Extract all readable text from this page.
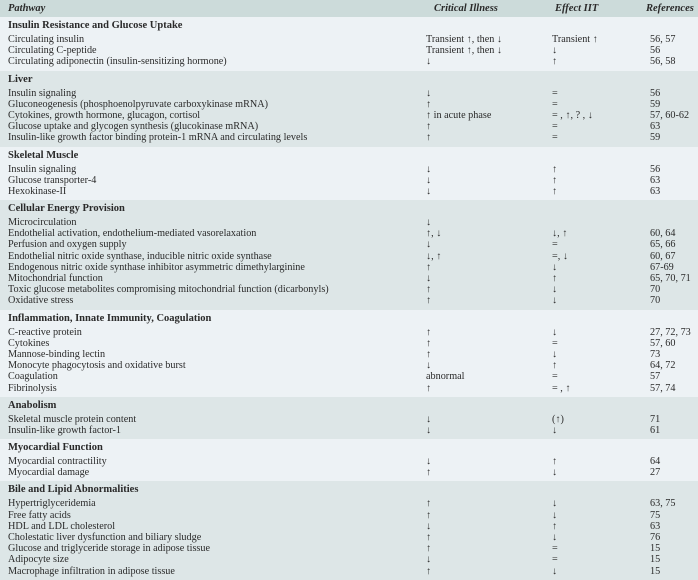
Pathway	Critical Illness	Effect IIT	References
Insulin Resistance and Glucose Uptake
Circulating insulin	Transient ↑, then ↓	Transient ↑	56, 57
Circulating C-peptide	Transient ↑, then ↓	↓	56
Circulating adiponectin (insulin-sensitizing hormone)	↓	↑	56, 58
Liver
Insulin signaling	↓	=	56
Gluconeogenesis (phosphoenolpyruvate carboxykinase mRNA)	↑	=	59
Cytokines, growth hormone, glucagon, cortisol	↑ in acute phase	= , ↑, ? , ↓	57, 60-62
Glucose uptake and glycogen synthesis (glucokinase mRNA)	↑	=	63
Insulin-like growth factor binding protein-1 mRNA and circulating levels	↑	=	59
Skeletal Muscle
Insulin signaling	↓	↑	56
Glucose transporter-4	↓	↑	63
Hexokinase-II	↓	↑	63
Cellular Energy Provision
Microcirculation	↓
Endothelial activation, endothelium-mediated vasorelaxation	↑, ↓	↓, ↑	60, 64
Perfusion and oxygen supply	↓	=	65, 66
Endothelial nitric oxide synthase, inducible nitric oxide synthase	↓, ↑	=, ↓	60, 67
Endogenous nitric oxide synthase inhibitor asymmetric dimethylarginine	↑	↓	67-69
Mitochondrial function	↓	↑	65, 70, 71
Toxic glucose metabolites compromising mitochondrial function (dicarbonyls)	↑	↓	70
Oxidative stress	↑	↓	70
Inflammation, Innate Immunity, Coagulation
C-reactive protein	↑	↓	27, 72, 73
Cytokines	↑	=	57, 60
Mannose-binding lectin	↑	↓	73
Monocyte phagocytosis and oxidative burst	↓	↑	64, 72
Coagulation	abnormal	=	57
Fibrinolysis	↑	= , ↑	57, 74
Anabolism
Skeletal muscle protein content	↓	(↑)	71
Insulin-like growth factor-1	↓	↓	61
Myocardial Function
Myocardial contractility	↓	↑	64
Myocardial damage	↑	↓	27
Bile and Lipid Abnormalities
Hypertriglyceridemia	↑	↓	63, 75
Free fatty acids	↑	↓	75
HDL and LDL cholesterol	↓	↑	63
Cholestatic liver dysfunction and biliary sludge	↑	↓	76
Glucose and triglyceride storage in adipose tissue	↑	=	15
Adipocyte size	↓	=	15
Macrophage infiltration in adipose tissue	↑	↓	15
